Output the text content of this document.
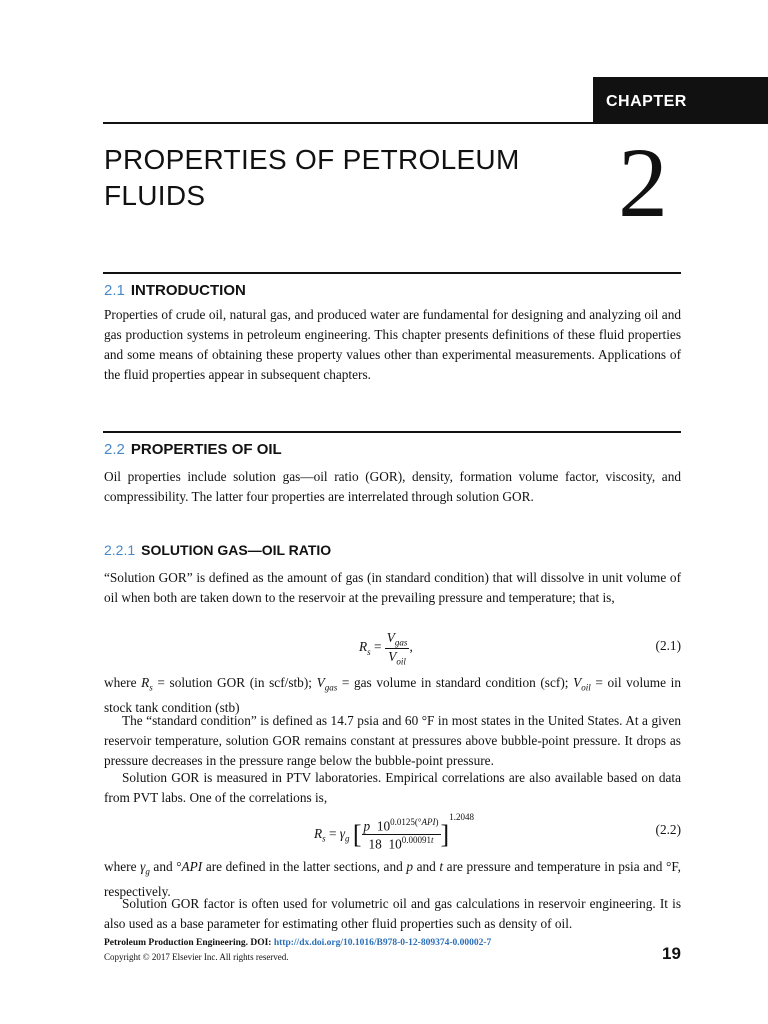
CHAPTER
PROPERTIES OF PETROLEUM
FLUIDS	2
2.1 INTRODUCTION

Properties of crude oil, natural gas, and produced water are fundamental for designing and analyzing oil and gas production systems in petroleum engineering. This chapter presents definitions of these fluid properties and some means of obtaining these property values other than experimental measurements. Applications of the fluid properties appear in subsequent chapters.

2.2 PROPERTIES OF OIL

Oil properties include solution gas—oil ratio (GOR), density, formation volume factor, viscosity, and compressibility. The latter four properties are interrelated through solution GOR.

2.2.1 SOLUTION GAS—OIL RATIO

“Solution GOR” is defined as the amount of gas (in standard condition) that will dissolve in unit volume of oil when both are taken down to the reservoir at the prevailing pressure and temperature; that is,

$R_s = \frac{V_{gas}}{V_{oil}}$ ,	(2.1)

where $R_s$ = solution GOR (in scf/stb); $V_{gas}$ = gas volume in standard condition (scf); $V_{oil}$ = oil volume in stock tank condition (stb)

The “standard condition” is defined as 14.7 psia and 60 °F in most states in the United States. At a given reservoir temperature, solution GOR remains constant at pressures above bubble-point pressure. It drops as pressure decreases in the pressure range below the bubble-point pressure.

Solution GOR is measured in PTV laboratories. Empirical correlations are also available based on data from PVT labs. One of the correlations is,

$R_s = \gamma_g$ [ $\frac{p 10^{0.0125(^\circ API)}}{18 10^{0.00091t}} ]^{1.2048}$
(2.2)

where $\gamma_g$ and °API are defined in the latter sections, and p and t are pressure and temperature in psia and °F, respectively.

Solution GOR factor is often used for volumetric oil and gas calculations in reservoir engineering. It is also used as a base parameter for estimating other fluid properties such as density of oil.

Petroleum Production Engineering. DOI: http://dx.doi.org/10.1016/B978-0-12-809374-0.00002-7
Copyright © 2017 Elsevier Inc. All rights reserved.	19
